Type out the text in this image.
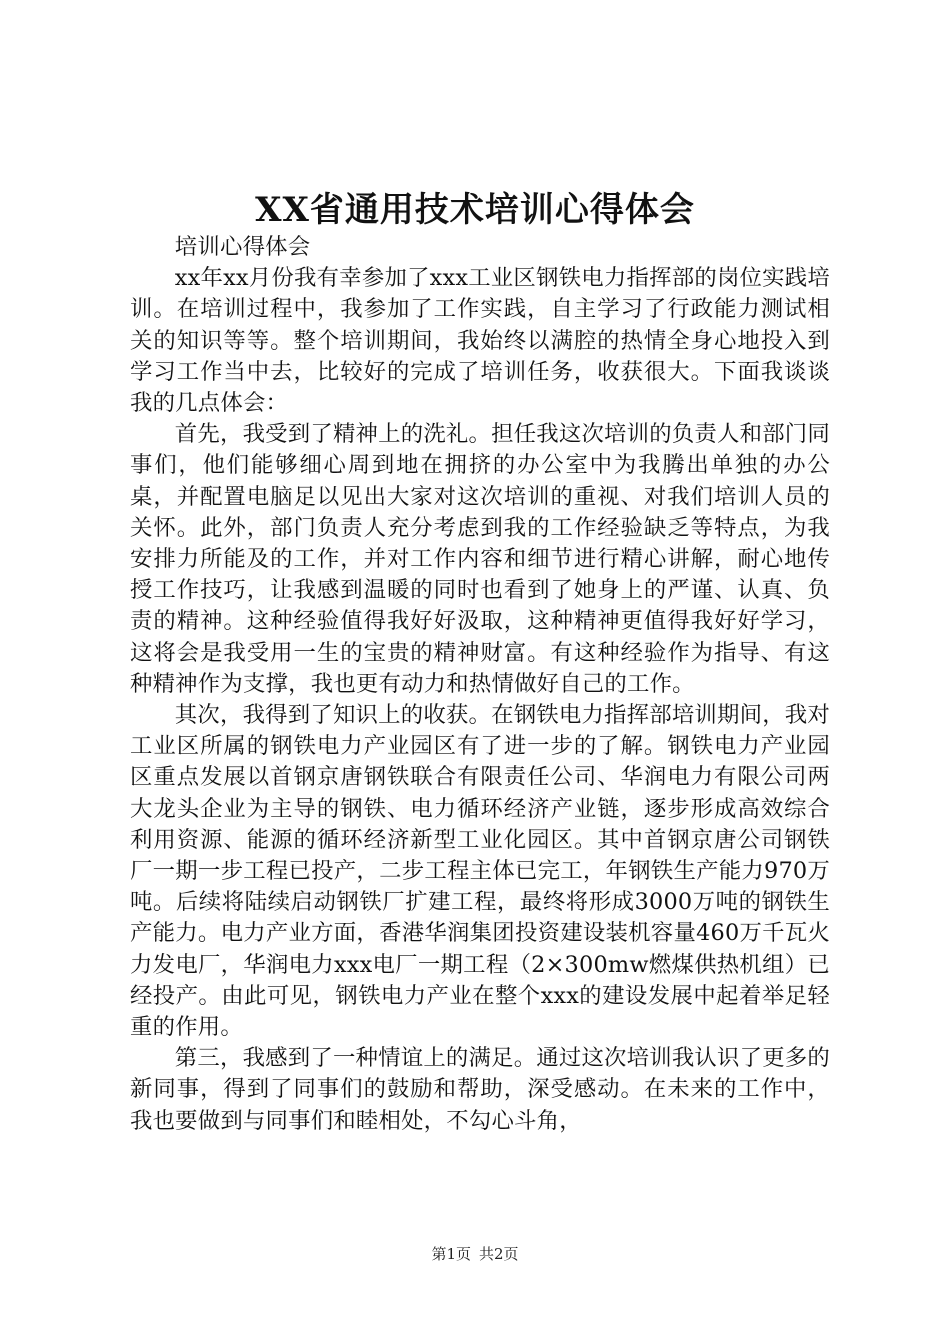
XX省通用技术培训心得体会

培训心得体会

xx年xx月份我有幸参加了xxx工业区钢铁电力指挥部的岗位实践培训。在培训过程中，我参加了工作实践，自主学习了行政能力测试相关的知识等等。整个培训期间，我始终以满腔的热情全身心地投入到学习工作当中去，比较好的完成了培训任务，收获很大。下面我谈谈我的几点体会：

首先，我受到了精神上的洗礼。担任我这次培训的负责人和部门同事们，他们能够细心周到地在拥挤的办公室中为我腾出单独的办公桌，并配置电脑足以见出大家对这次培训的重视、对我们培训人员的关怀。此外，部门负责人充分考虑到我的工作经验缺乏等特点，为我安排力所能及的工作，并对工作内容和细节进行精心讲解，耐心地传授工作技巧，让我感到温暖的同时也看到了她身上的严谨、认真、负责的精神。这种经验值得我好好汲取，这种精神更值得我好好学习，这将会是我受用一生的宝贵的精神财富。有这种经验作为指导、有这种精神作为支撑，我也更有动力和热情做好自己的工作。

其次，我得到了知识上的收获。在钢铁电力指挥部培训期间，我对工业区所属的钢铁电力产业园区有了进一步的了解。钢铁电力产业园区重点发展以首钢京唐钢铁联合有限责任公司、华润电力有限公司两大龙头企业为主导的钢铁、电力循环经济产业链，逐步形成高效综合利用资源、能源的循环经济新型工业化园区。其中首钢京唐公司钢铁厂一期一步工程已投产，二步工程主体已完工，年钢铁生产能力970万吨。后续将陆续启动钢铁厂扩建工程，最终将形成3000万吨的钢铁生产能力。电力产业方面，香港华润集团投资建设装机容量460万千瓦火力发电厂，华润电力xxx电厂一期工程（2×300mw燃煤供热机组）已经投产。由此可见，钢铁电力产业在整个xxx的建设发展中起着举足轻重的作用。

第三，我感到了一种情谊上的满足。通过这次培训我认识了更多的新同事，得到了同事们的鼓励和帮助，深受感动。在未来的工作中，我也要做到与同事们和睦相处，不勾心斗角，

第1页 共2页
